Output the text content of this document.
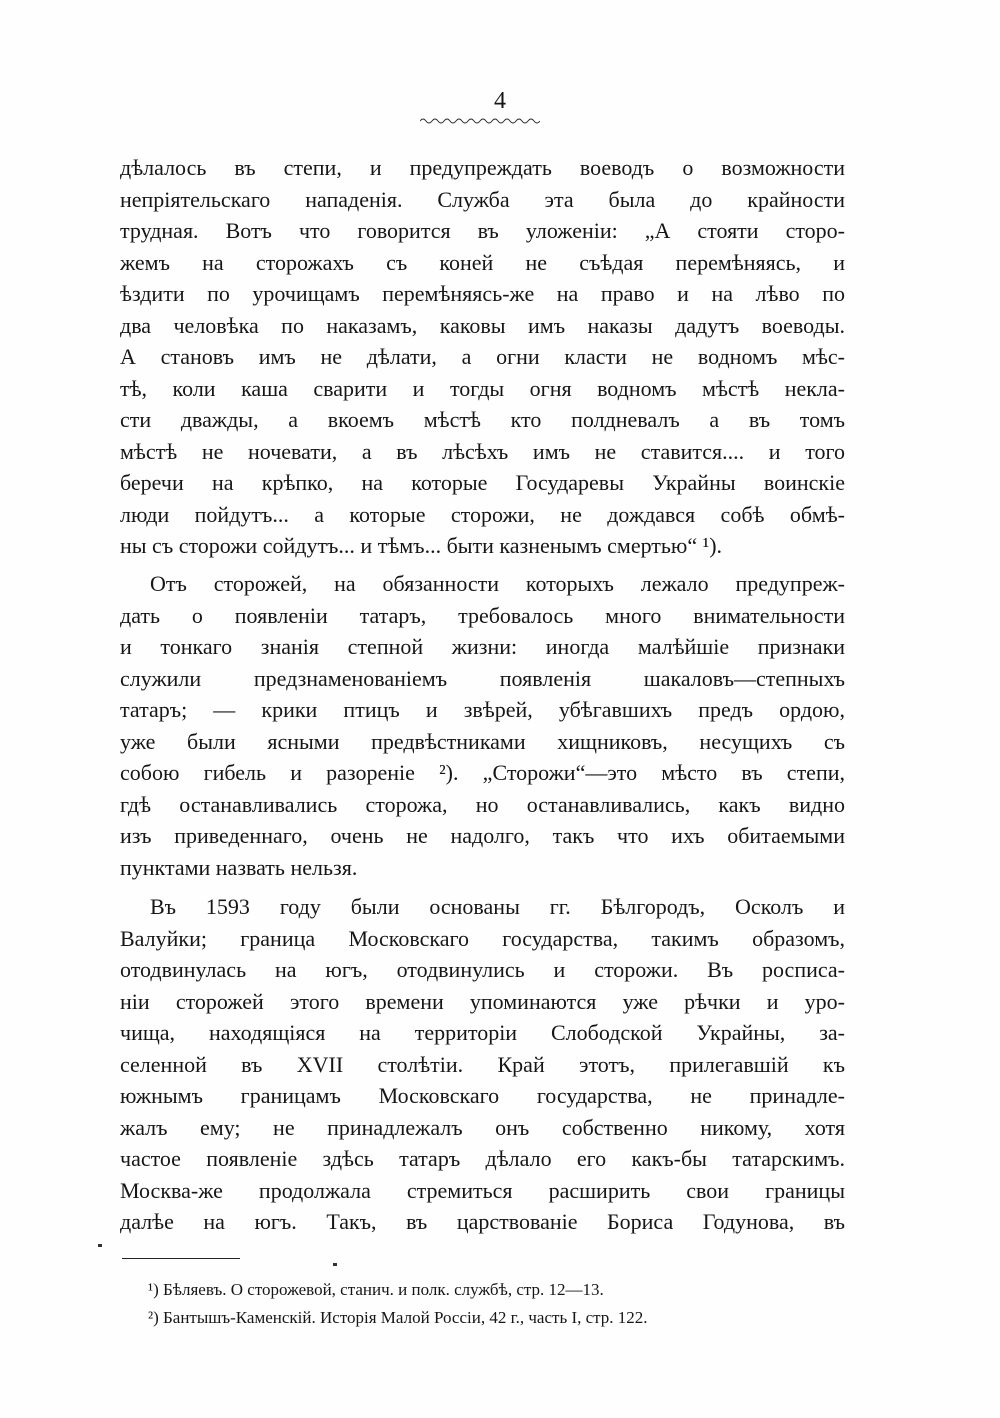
4
дѣлалось въ степи, и предупреждать воеводъ о возможности
непріятельскаго нападенія. Служба эта была до крайности
трудная. Вотъ что говорится въ уложеніи: „А стояти сторо-
жемъ на сторожахъ съ коней не съѣдая перемѣняясь, и
ѣздити по урочищамъ перемѣняясь-же на право и на лѣво по
два человѣка по наказамъ, каковы имъ наказы дадутъ воеводы.
А становъ имъ не дѣлати, а огни класти не водномъ мѣс-
тѣ, коли каша сварити и тогды огня водномъ мѣстѣ некла-
сти дважды, а вкоемъ мѣстѣ кто полдневалъ а въ томъ
мѣстѣ не ночевати, а въ лѣсѣхъ имъ не ставится.... и того
беречи на крѣпко, на которые Государевы Украйны воинскіе
люди пойдутъ... а которые сторожи, не дождався собѣ обмѣ-
ны съ сторожи сойдутъ... и тѣмъ... быти казненымъ смертью“ ¹).
Отъ сторожей, на обязанности которыхъ лежало предупреж-
дать о появленіи татаръ, требовалось много внимательности
и тонкаго знанія степной жизни: иногда малѣйшіе признаки
служили предзнаменованіемъ появленія шакаловъ—степныхъ
татаръ; — крики птицъ и звѣрей, убѣгавшихъ предъ ордою,
уже были ясными предвѣстниками хищниковъ, несущихъ съ
собою гибель и разореніе ²). „Сторожи“—это мѣсто въ степи,
гдѣ останавливались сторожа, но останавливались, какъ видно
изъ приведеннаго, очень не надолго, такъ что ихъ обитаемыми
пунктами назвать нельзя.
Въ 1593 году были основаны гг. Бѣлгородъ, Осколъ и
Валуйки; граница Московскаго государства, такимъ образомъ,
отодвинулась на югъ, отодвинулись и сторожи. Въ росписа-
ніи сторожей этого времени упоминаются уже рѣчки и уро-
чища, находящіяся на территоріи Слободской Украйны, за-
селенной въ XVII столѣтіи. Край этотъ, прилегавшій къ
южнымъ границамъ Московскаго государства, не принадле-
жалъ ему; не принадлежалъ онъ собственно никому, хотя
частое появленіе здѣсь татаръ дѣлало его какъ-бы татарскимъ.
Москва-же продолжала стремиться расширить свои границы
далѣе на югъ. Такъ, въ царствованіе Бориса Годунова, въ
¹) Бѣляевъ. О сторожевой, станич. и полк. службѣ, стр. 12—13.
²) Бантышъ-Каменскій. Исторія Малой Россіи, 42 г., часть I, стр. 122.
